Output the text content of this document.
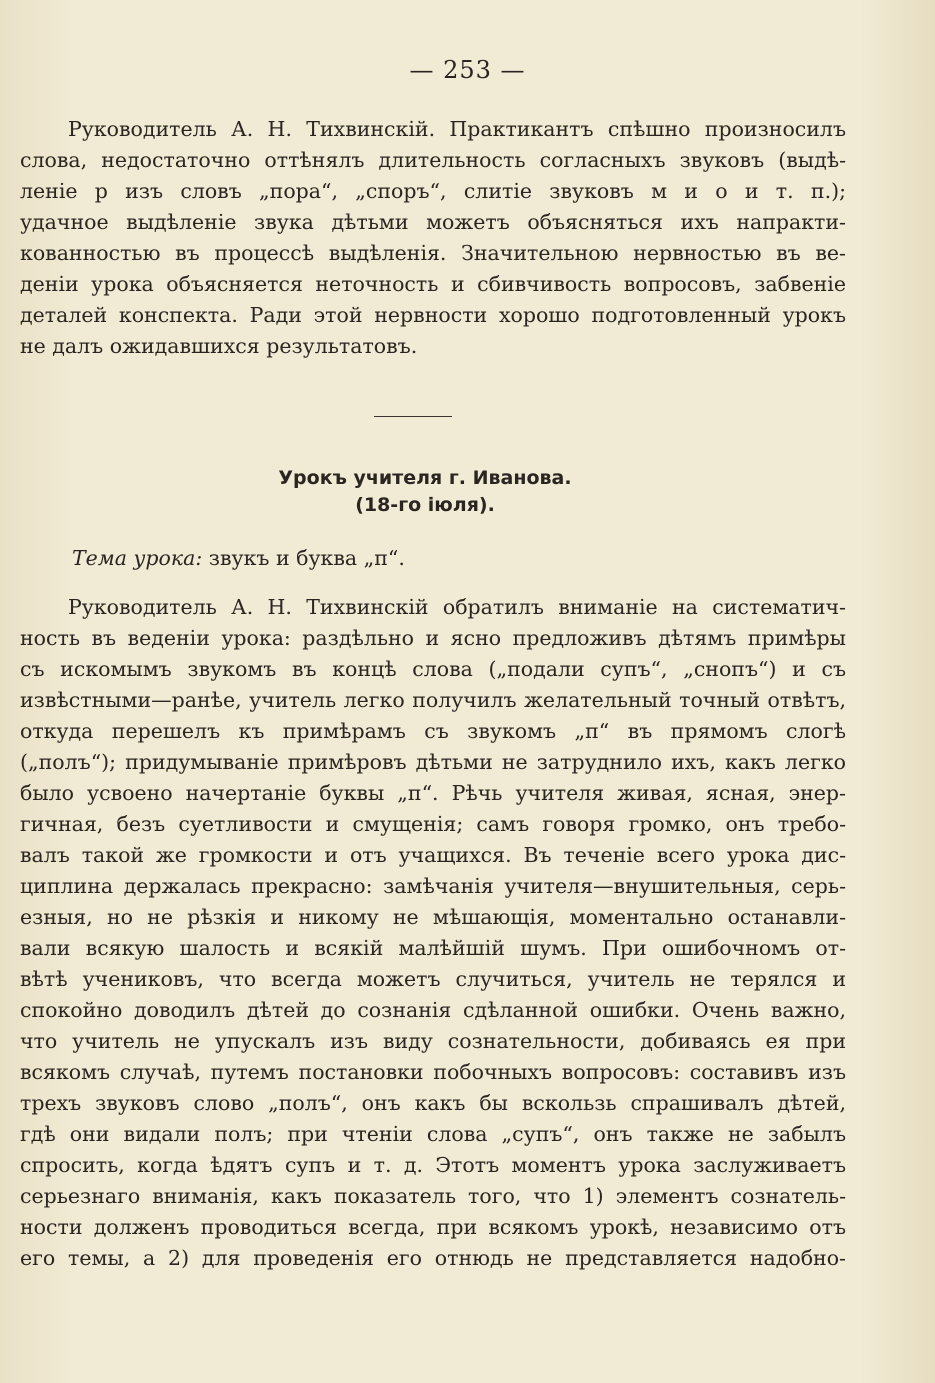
— 253 —
Руководитель А. Н. Тихвинскій. Практикантъ спѣшно произносилъ
слова, недостаточно оттѣнялъ длительность согласныхъ звуковъ (выдѣ-
леніе р изъ словъ „пора“, „споръ“, слитіе звуковъ м и о и т. п.);
удачное выдѣленіе звука дѣтьми можетъ объясняться ихъ напракти-
кованностью въ процессѣ выдѣленія. Значительною нервностью въ ве-
деніи урока объясняется неточность и сбивчивость вопросовъ, забвеніе
деталей конспекта. Ради этой нервности хорошо подготовленный урокъ
не далъ ожидавшихся результатовъ.
Урокъ учителя г. Иванова.
(18-го іюля).
Тема урока: звукъ и буква „п“.
Руководитель А. Н. Тихвинскій обратилъ вниманіе на систематич-
ность въ веденіи урока: раздѣльно и ясно предложивъ дѣтямъ примѣры
съ искомымъ звукомъ въ концѣ слова („подали супъ“, „снопъ“) и съ
извѣстными—ранѣе, учитель легко получилъ желательный точный отвѣтъ,
откуда перешелъ къ примѣрамъ съ звукомъ „п“ въ прямомъ слогѣ
(„полъ“); придумываніе примѣровъ дѣтьми не затруднило ихъ, какъ легко
было усвоено начертаніе буквы „п“. Рѣчь учителя живая, ясная, энер-
гичная, безъ суетливости и смущенія; самъ говоря громко, онъ требо-
валъ такой же громкости и отъ учащихся. Въ теченіе всего урока дис-
циплина держалась прекрасно: замѣчанія учителя—внушительныя, серь-
езныя, но не рѣзкія и никому не мѣшающія, моментально останавли-
вали всякую шалость и всякій малѣйшій шумъ. При ошибочномъ от-
вѣтѣ учениковъ, что всегда можетъ случиться, учитель не терялся и
спокойно доводилъ дѣтей до сознанія сдѣланной ошибки. Очень важно,
что учитель не упускалъ изъ виду сознательности, добиваясь ея при
всякомъ случаѣ, путемъ постановки побочныхъ вопросовъ: составивъ изъ
трехъ звуковъ слово „полъ“, онъ какъ бы вскользь спрашивалъ дѣтей,
гдѣ они видали полъ; при чтеніи слова „супъ“, онъ также не забылъ
спросить, когда ѣдятъ супъ и т. д. Этотъ моментъ урока заслуживаетъ
серьезнаго вниманія, какъ показатель того, что 1) элементъ сознатель-
ности долженъ проводиться всегда, при всякомъ урокѣ, независимо отъ
его темы, а 2) для проведенія его отнюдь не представляется надобно-
